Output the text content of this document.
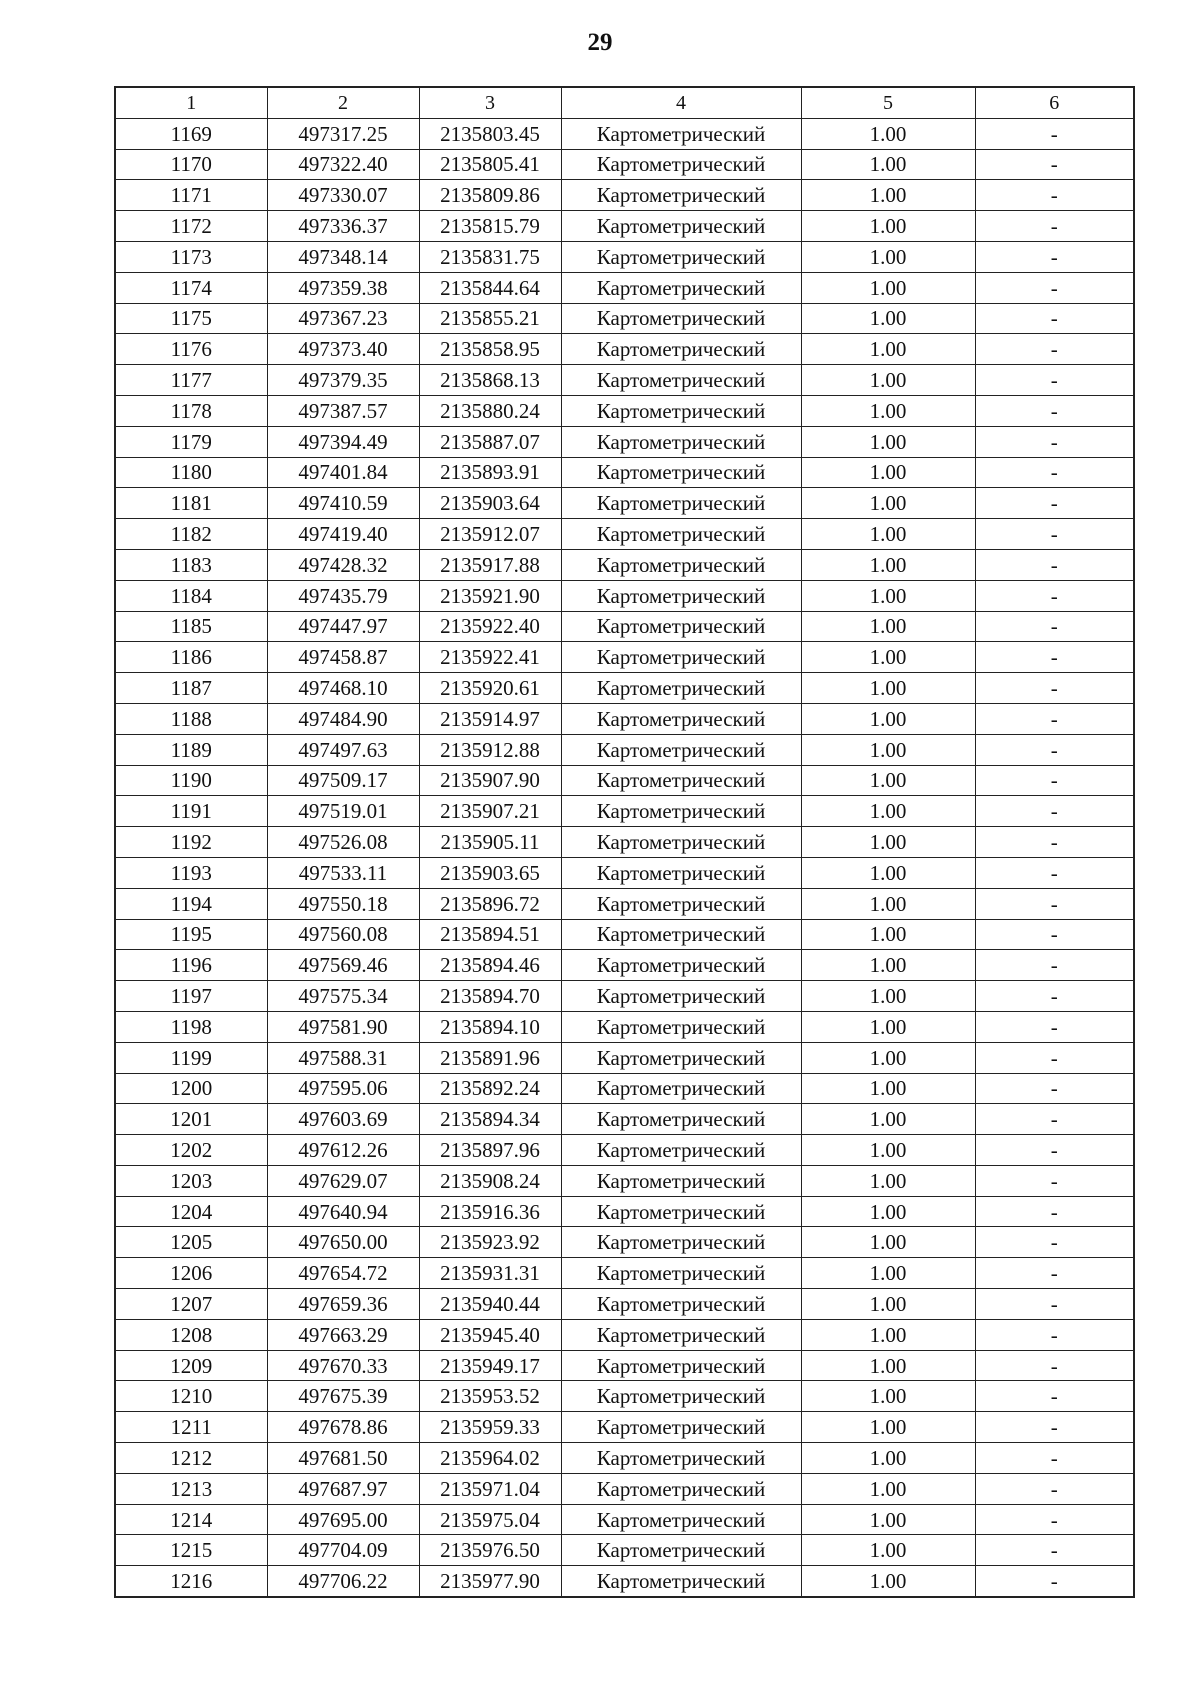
29
1	2	3	4	5	6
1169	497317.25	2135803.45	Картометрический	1.00	-
1170	497322.40	2135805.41	Картометрический	1.00	-
1171	497330.07	2135809.86	Картометрический	1.00	-
1172	497336.37	2135815.79	Картометрический	1.00	-
1173	497348.14	2135831.75	Картометрический	1.00	-
1174	497359.38	2135844.64	Картометрический	1.00	-
1175	497367.23	2135855.21	Картометрический	1.00	-
1176	497373.40	2135858.95	Картометрический	1.00	-
1177	497379.35	2135868.13	Картометрический	1.00	-
1178	497387.57	2135880.24	Картометрический	1.00	-
1179	497394.49	2135887.07	Картометрический	1.00	-
1180	497401.84	2135893.91	Картометрический	1.00	-
1181	497410.59	2135903.64	Картометрический	1.00	-
1182	497419.40	2135912.07	Картометрический	1.00	-
1183	497428.32	2135917.88	Картометрический	1.00	-
1184	497435.79	2135921.90	Картометрический	1.00	-
1185	497447.97	2135922.40	Картометрический	1.00	-
1186	497458.87	2135922.41	Картометрический	1.00	-
1187	497468.10	2135920.61	Картометрический	1.00	-
1188	497484.90	2135914.97	Картометрический	1.00	-
1189	497497.63	2135912.88	Картометрический	1.00	-
1190	497509.17	2135907.90	Картометрический	1.00	-
1191	497519.01	2135907.21	Картометрический	1.00	-
1192	497526.08	2135905.11	Картометрический	1.00	-
1193	497533.11	2135903.65	Картометрический	1.00	-
1194	497550.18	2135896.72	Картометрический	1.00	-
1195	497560.08	2135894.51	Картометрический	1.00	-
1196	497569.46	2135894.46	Картометрический	1.00	-
1197	497575.34	2135894.70	Картометрический	1.00	-
1198	497581.90	2135894.10	Картометрический	1.00	-
1199	497588.31	2135891.96	Картометрический	1.00	-
1200	497595.06	2135892.24	Картометрический	1.00	-
1201	497603.69	2135894.34	Картометрический	1.00	-
1202	497612.26	2135897.96	Картометрический	1.00	-
1203	497629.07	2135908.24	Картометрический	1.00	-
1204	497640.94	2135916.36	Картометрический	1.00	-
1205	497650.00	2135923.92	Картометрический	1.00	-
1206	497654.72	2135931.31	Картометрический	1.00	-
1207	497659.36	2135940.44	Картометрический	1.00	-
1208	497663.29	2135945.40	Картометрический	1.00	-
1209	497670.33	2135949.17	Картометрический	1.00	-
1210	497675.39	2135953.52	Картометрический	1.00	-
1211	497678.86	2135959.33	Картометрический	1.00	-
1212	497681.50	2135964.02	Картометрический	1.00	-
1213	497687.97	2135971.04	Картометрический	1.00	-
1214	497695.00	2135975.04	Картометрический	1.00	-
1215	497704.09	2135976.50	Картометрический	1.00	-
1216	497706.22	2135977.90	Картометрический	1.00	-
